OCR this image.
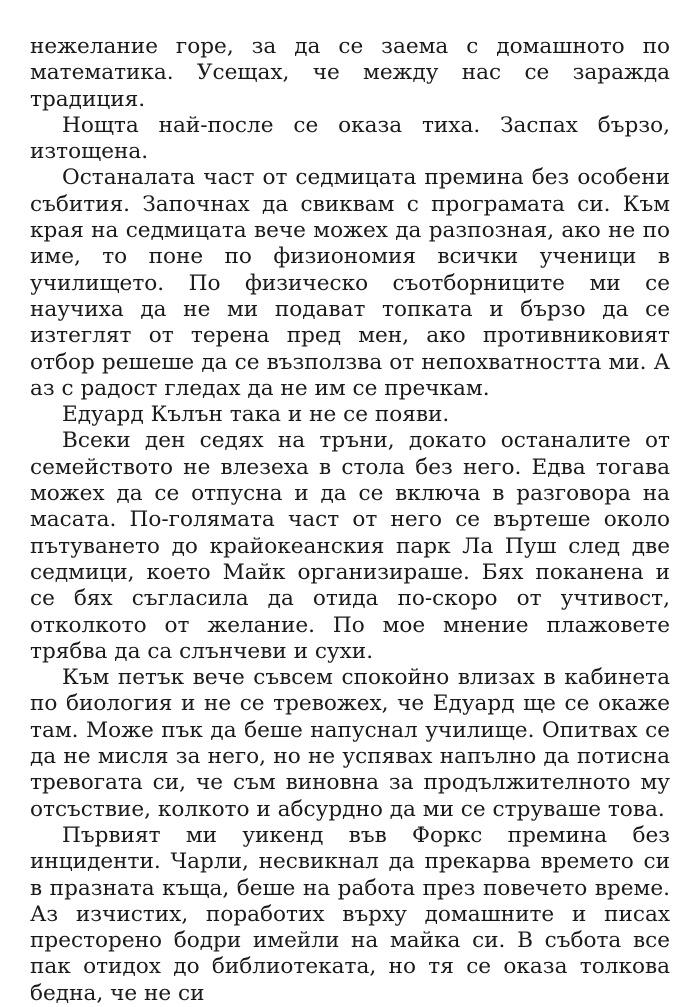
нежелание горе, за да се заема с домашното по математика. Усещах, че между нас се заражда традиция.

Нощта най-после се оказа тиха. Заспах бързо, изтощена.

Останалата част от седмицата премина без особени събития. Започнах да свиквам с програмата си. Към края на седмицата вече можех да разпозная, ако не по име, то поне по физиономия всички ученици в училището. По физическо съотборниците ми се научиха да не ми подават топката и бързо да се изтеглят от терена пред мен, ако противниковият отбор решеше да се възползва от непохватността ми. А аз с радост гледах да не им се пречкам.

Едуард Кълън така и не се появи.

Всеки ден седях на тръни, докато останалите от семейството не влезеха в стола без него. Едва тогава можех да се отпусна и да се включа в разговора на масата. По-голямата част от него се въртеше около пътуването до крайокеанския парк Ла Пуш след две седмици, което Майк организираше. Бях поканена и се бях съгласила да отида по-скоро от учтивост, отколкото от желание. По мое мнение плажовете трябва да са слънчеви и сухи.

Към петък вече съвсем спокойно влизах в кабинета по биология и не се тревожех, че Едуард ще се окаже там. Може пък да беше напуснал училище. Опитвах се да не мисля за него, но не успявах напълно да потисна тревогата си, че съм виновна за продължителното му отсъствие, колкото и абсурдно да ми се струваше това.

Първият ми уикенд във Форкс премина без инциденти. Чарли, несвикнал да прекарва времето си в празната къща, беше на работа през повечето време. Аз изчистих, поработих върху домашните и писах престорено бодри имейли на майка си. В събота все пак отидох до библиотеката, но тя се оказа толкова бедна, че не си
